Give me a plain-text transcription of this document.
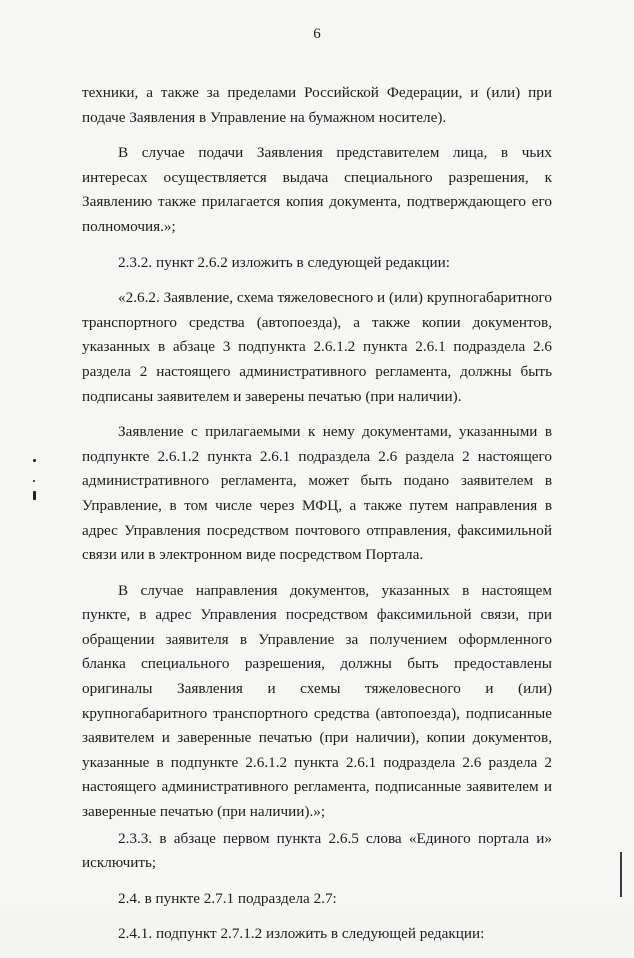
6

техники, а также за пределами Российской Федерации, и (или) при подаче Заявления в Управление на бумажном носителе).

В случае подачи Заявления представителем лица, в чьих интересах осуществляется выдача специального разрешения, к Заявлению также прилагается копия документа, подтверждающего его полномочия.»;

2.3.2. пункт 2.6.2 изложить в следующей редакции:

«2.6.2. Заявление, схема тяжеловесного и (или) крупногабаритного транспортного средства (автопоезда), а также копии документов, указанных в абзаце 3 подпункта 2.6.1.2 пункта 2.6.1 подраздела 2.6 раздела 2 настоящего административного регламента, должны быть подписаны заявителем и заверены печатью (при наличии).

Заявление с прилагаемыми к нему документами, указанными в подпункте 2.6.1.2 пункта 2.6.1 подраздела 2.6 раздела 2 настоящего административного регламента, может быть подано заявителем в Управление, в том числе через МФЦ, а также путем направления в адрес Управления посредством почтового отправления, факсимильной связи или в электронном виде посредством Портала.

В случае направления документов, указанных в настоящем пункте, в адрес Управления посредством факсимильной связи, при обращении заявителя в Управление за получением оформленного бланка специального разрешения, должны быть предоставлены оригиналы Заявления и схемы тяжеловесного и (или) крупногабаритного транспортного средства (автопоезда), подписанные заявителем и заверенные печатью (при наличии), копии документов, указанные в подпункте 2.6.1.2 пункта 2.6.1 подраздела 2.6 раздела 2 настоящего административного регламента, подписанные заявителем и заверенные печатью (при наличии).»;

2.3.3. в абзаце первом пункта 2.6.5 слова «Единого портала и» исключить;

2.4. в пункте 2.7.1 подраздела 2.7:

2.4.1. подпункт 2.7.1.2 изложить в следующей редакции:
